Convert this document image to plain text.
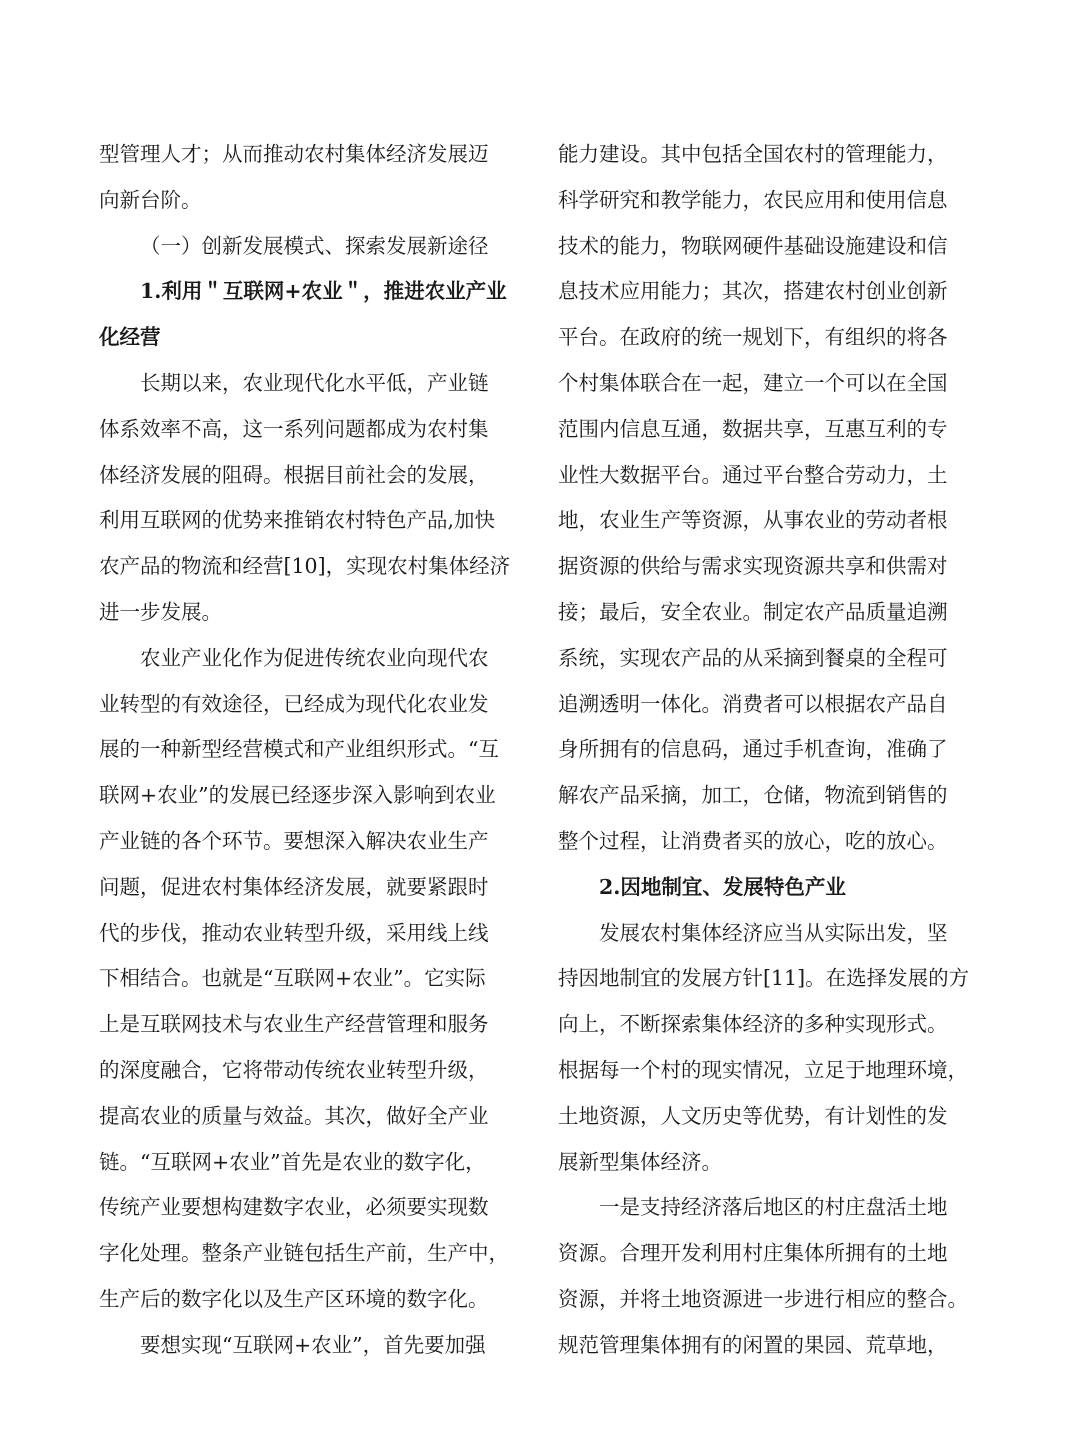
型管理人才；从而推动农村集体经济发展迈
向新台阶。
（一）创新发展模式、探索发展新途径
1.利用＂互联网+农业＂，推进农业产业
化经营
长期以来，农业现代化水平低，产业链
体系效率不高，这一系列问题都成为农村集
体经济发展的阻碍。根据目前社会的发展，
利用互联网的优势来推销农村特色产品,加快
农产品的物流和经营[10]，实现农村集体经济
进一步发展。
农业产业化作为促进传统农业向现代农
业转型的有效途径，已经成为现代化农业发
展的一种新型经营模式和产业组织形式。“互
联网+农业”的发展已经逐步深入影响到农业
产业链的各个环节。要想深入解决农业生产
问题，促进农村集体经济发展，就要紧跟时
代的步伐，推动农业转型升级，采用线上线
下相结合。也就是“互联网+农业”。它实际
上是互联网技术与农业生产经营管理和服务
的深度融合，它将带动传统农业转型升级，
提高农业的质量与效益。其次，做好全产业
链。“互联网+农业”首先是农业的数字化，
传统产业要想构建数字农业，必须要实现数
字化处理。整条产业链包括生产前，生产中，
生产后的数字化以及生产区环境的数字化。
要想实现“互联网+农业”，首先要加强
能力建设。其中包括全国农村的管理能力，
科学研究和教学能力，农民应用和使用信息
技术的能力，物联网硬件基础设施建设和信
息技术应用能力；其次，搭建农村创业创新
平台。在政府的统一规划下，有组织的将各
个村集体联合在一起，建立一个可以在全国
范围内信息互通，数据共享，互惠互利的专
业性大数据平台。通过平台整合劳动力，土
地，农业生产等资源，从事农业的劳动者根
据资源的供给与需求实现资源共享和供需对
接；最后，安全农业。制定农产品质量追溯
系统，实现农产品的从采摘到餐桌的全程可
追溯透明一体化。消费者可以根据农产品自
身所拥有的信息码，通过手机查询，准确了
解农产品采摘，加工，仓储，物流到销售的
整个过程，让消费者买的放心，吃的放心。
2.因地制宜、发展特色产业
发展农村集体经济应当从实际出发，坚
持因地制宜的发展方针[11]。在选择发展的方
向上，不断探索集体经济的多种实现形式。
根据每一个村的现实情况，立足于地理环境，
土地资源，人文历史等优势，有计划性的发
展新型集体经济。
一是支持经济落后地区的村庄盘活土地
资源。合理开发利用村庄集体所拥有的土地
资源，并将土地资源进一步进行相应的整合。
规范管理集体拥有的闲置的果园、荒草地，
